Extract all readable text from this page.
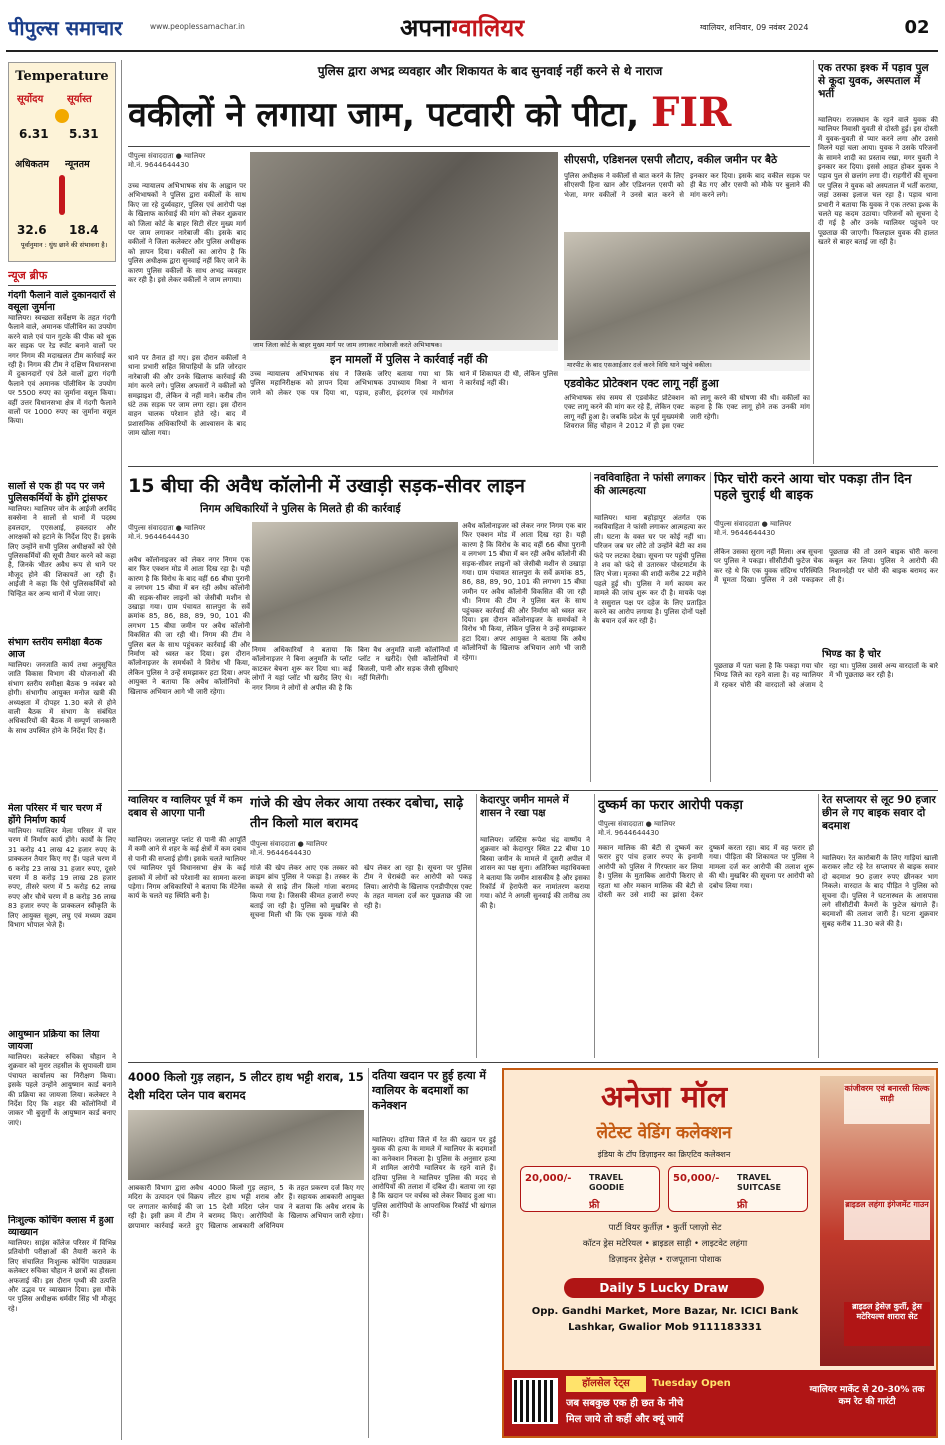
पीपुल्स समाचार	www.peoplessamachar.in	अपनाग्वालियर	ग्वालियर, शनिवार, 09 नवंबर 2024	02
Temperature
सूर्योदय	सूर्यास्त
6.31	5.31
अधिकतम	न्यूनतम
32.6	18.4
पूर्वानुमान : धुंध छाने की संभावना है।
न्यूज ब्रीफ
गंदगी फैलाने वाले दुकानदारों से वसूला जुर्माना
ग्वालियर। स्वच्छता सर्वेक्षण के तहत गंदगी फैलाने वाले, अमानक पॉलीथिन का उपयोग करने वाले एवं पान गुटके की पीक को थूक कर सड़क पर रेड स्पॉट बनाने वालों पर नगर निगम की मदाखलत टीम कार्रवाई कर रही है। निगम की टीम ने दक्षिण विधानसभा में दुकानदारों एवं ठेले वालों द्वारा गंदगी फैलाने एवं अमानक पॉलीथिन के उपयोग पर 5500 रुपए का जुर्माना वसूल किया। वहीं उत्तर विधानसभा क्षेत्र में गंदगी फैलाने वालों पर 1000 रुपए का जुर्माना वसूल किया।
सालों से एक ही पद पर जमे पुलिसकर्मियों के होंगे ट्रांसफर
ग्वालियर। ग्वालियर जोन के आईजी अरविंद सक्सेना ने सालों से थानों में पदस्थ हवलदार, एएसआई, हवलदार और आरक्षकों को हटाने के निर्देश दिए हैं। इसके लिए उन्होंने सभी पुलिस अधीक्षकों को ऐसे पुलिसकर्मियों की सूची तैयार करने को कहा है, जिनके भीतर अवैध रूप से थाने पर मौजूद होने की शिकायतें आ रही हैं। आईजी ने कहा कि ऐसे पुलिसकर्मियों को चिन्हित कर अन्य थानों में भेजा जाए।
संभाग स्तरीय समीक्षा बैठक आज
ग्वालियर। जनजाति कार्य तथा अनुसूचित जाति विकास विभाग की योजनाओं की संभाग स्तरीय समीक्षा बैठक 9 नवंबर को होगी। संभागीय आयुक्त मनोज खत्री की अध्यक्षता में दोपहर 1.30 बजे से होने वाली बैठक में संभाग के संबंधित अधिकारियों की बैठक में सम्पूर्ण जानकारी के साथ उपस्थित होने के निर्देश दिए हैं।
मेला परिसर में चार चरण में होंगे निर्माण कार्य
ग्वालियर। ग्वालियर मेला परिसर में चार चरण में निर्माण कार्य होंगे। कार्यों के लिए 31 करोड़ 41 लाख 42 हजार रुपए के प्राक्कलन तैयार किए गए हैं। पहले चरण में 6 करोड़ 23 लाख 31 हजार रुपए, दूसरे चरण में 8 करोड़ 19 लाख 28 हजार रुपए, तीसरे चरण में 5 करोड़ 62 लाख रुपए और चौथे चरण में 8 करोड़ 36 लाख 83 हजार रुपए के प्राक्कलन स्वीकृति के लिए आयुक्त सूक्ष्म, लघु एवं मध्यम उद्यम विभाग भोपाल भेजे हैं।
आयुष्मान प्रक्रिया का लिया जायजा
ग्वालियर। कलेक्टर रुचिका चौहान ने शुक्रवार को मुरार तहसील के सुपावली ग्राम पंचायत कार्यालय का निरीक्षण किया। इसके पहले उन्होंने आयुष्मान कार्ड बनाने की प्रक्रिया का जायजा लिया। कलेक्टर ने निर्देश दिए कि शहर की कॉलोनियों में जाकर भी बुजुर्गों के आयुष्मान कार्ड बनाए जाएं।
निःशुल्क कोचिंग क्लास में हुआ व्याख्यान
ग्वालियर। साइंस कॉलेज परिसर में विभिन्न प्रतियोगी परीक्षाओं की तैयारी कराने के लिए संचालित निःशुल्क कोचिंग पाठ्यक्रम कलेक्टर रुचिका चौहान ने छात्रों का हौसला अफजाई की। इस दौरान पृथ्वी की उत्पत्ति और उद्भव पर व्याख्यान दिया। इस मौके पर पुलिस अधीक्षक धर्मवीर सिंह भी मौजूद रहे।
पुलिस द्वारा अभद्र व्यवहार और शिकायत के बाद सुनवाई नहीं करने से थे नाराज
वकीलों ने लगाया जाम, पटवारी को पीटा, FIR
पीपुल्स संवाददाता ● ग्वालियर
मो.नं. 9644644430
जाम जिला कोर्ट के बाहर मुख्य मार्ग पर जाम लगाकर नारेबाजी करते अभिभाषक।
उच्च न्यायालय अभिभाषक संघ के आह्वान पर अभिभाषकों ने पुलिस द्वारा वकीलों के साथ किए जा रहे दुर्व्यवहार, पुलिस एवं आरोपी पक्ष के खिलाफ कार्रवाई की मांग को लेकर शुक्रवार को जिला कोर्ट के बाहर सिटी सेंटर मुख्य मार्ग पर जाम लगाकर नारेबाजी की। इसके बाद वकीलों ने जिला कलेक्टर और पुलिस अधीक्षक को ज्ञापन दिया। वकीलों का आरोप है कि पुलिस अधीक्षक द्वारा सुनवाई नहीं किए जाने के कारण पुलिस वकीलों के साथ अभद्र व्यवहार कर रही है। इसे लेकर वकीलों ने जाम लगाया।
थाने पर तैनात हो गए। इस दौरान वकीलों ने थाना प्रभारी सहित सिपाहियों के प्रति जोरदार नारेबाजी की और उनके खिलाफ कार्रवाई की मांग करने लगे। पुलिस अफसरों ने वकीलों को समझाइश दी, लेकिन वे नहीं माने। करीब तीन घंटे तक सड़क पर जाम लगा रहा। इस दौरान वाहन चालक परेशान होते रहे। बाद में प्रशासनिक अधिकारियों के आश्वासन के बाद जाम खोला गया।
इन मामलों में पुलिस ने कार्रवाई नहीं की
उच्च न्यायालय अभिभाषक संघ ने पुलिस महानिरीक्षक को ज्ञापन दिया जाने को लेकर एक पत्र दिया था, जिसके जरिए बताया गया था कि अभिभाषक उपाध्याय मिश्रा ने थाना पड़ाव, हजीरा, इंदरगंज एवं माधौगंज थाने में शिकायत दी थी, लेकिन पुलिस ने कार्रवाई नहीं की।
सीएसपी, एडिशनल एसपी लौटाए, वकील जमीन पर बैठे
पुलिस अधीक्षक ने वकीलों से बात करने के लिए सीएसपी हिना खान और एडिशनल एसपी को भेजा, मगर वकीलों ने उनसे बात करने से इनकार कर दिया। इसके बाद वकील सड़क पर ही बैठ गए और एसपी को मौके पर बुलाने की मांग करने लगे।
मारपीट के बाद एसआईआर दर्ज करने विधि थाने पहुंचे वकील।
एडवोकेट प्रोटेक्शन एक्ट लागू नहीं हुआ
अभिभाषक संघ समय से एडवोकेट प्रोटेक्शन एक्ट लागू करने की मांग कर रहे हैं, लेकिन एक्ट लागू नहीं हुआ है। जबकि प्रदेश के पूर्व मुख्यमंत्री शिवराज सिंह चौहान ने 2012 में ही इस एक्ट को लागू करने की घोषणा की थी। वकीलों का कहना है कि एक्ट लागू होने तक उनकी मांग जारी रहेगी।
एक तरफा इश्क में पड़ाव पुल से कूदा युवक, अस्पताल में भर्ती
ग्वालियर। राजस्थान के रहने वाले युवक की ग्वालियर निवासी युवती से दोस्ती हुई। इस दोस्ती में युवक-युवती से प्यार करने लगा और उससे मिलने यहां चला आया। युवक ने उसके परिजनों के सामने शादी का प्रस्ताव रखा, मगर युवती ने इनकार कर दिया। इससे आहत होकर युवक ने पड़ाव पुल से छलांग लगा दी। राहगीरों की सूचना पर पुलिस ने युवक को अस्पताल में भर्ती कराया, जहां उसका इलाज चल रहा है। पड़ाव थाना प्रभारी ने बताया कि युवक ने एक तरफा इश्क के चलते यह कदम उठाया। परिजनों को सूचना दे दी गई है और उनके ग्वालियर पहुंचने पर पूछताछ की जाएगी। फिलहाल युवक की हालत खतरे से बाहर बताई जा रही है।
15 बीघा की अवैध कॉलोनी में उखाड़ी सड़क-सीवर लाइन
निगम अधिकारियों ने पुलिस के मिलते ही की कार्रवाई
पीपुल्स संवाददाता ● ग्वालियर
मो.नं. 9644644430
अवैध कॉलोनाइजर को लेकर नगर निगम एक बार फिर एक्शन मोड में आता दिख रहा है। यही कारण है कि विरोध के बाद वहीं 66 बीघा पुरानी व लगभग 15 बीघा में बन रही अवैध कॉलोनी की सड़क-सीवर लाइनों को जेसीबी मशीन से उखाड़ा गया। ग्राम पंचायत सालपुरा के सर्वे क्रमांक 85, 86, 88, 89, 90, 101 की लगभग 15 बीघा जमीन पर अवैध कॉलोनी विकसित की जा रही थी। निगम की टीम ने पुलिस बल के साथ पहुंचकर कार्रवाई की और निर्माण को ध्वस्त कर दिया। इस दौरान कॉलोनाइजर के समर्थकों ने विरोध भी किया, लेकिन पुलिस ने उन्हें समझाकर हटा दिया। अपर आयुक्त ने बताया कि अवैध कॉलोनियों के खिलाफ अभियान आगे भी जारी रहेगा।
निगम अधिकारियों ने बताया कि कॉलोनाइजर ने बिना अनुमति के प्लॉट काटकर बेचना शुरू कर दिया था। कई लोगों ने यहां प्लॉट भी खरीद लिए थे। नगर निगम ने लोगों से अपील की है कि बिना वैध अनुमति वाली कॉलोनियों में प्लॉट न खरीदें। ऐसी कॉलोनियों में बिजली, पानी और सड़क जैसी सुविधाएं नहीं मिलेंगी।
अवैध कॉलोनाइजर को लेकर नगर निगम एक बार फिर एक्शन मोड में आता दिख रहा है। यही कारण है कि विरोध के बाद वहीं 66 बीघा पुरानी व लगभग 15 बीघा में बन रही अवैध कॉलोनी की सड़क-सीवर लाइनों को जेसीबी मशीन से उखाड़ा गया। ग्राम पंचायत सालपुरा के सर्वे क्रमांक 85, 86, 88, 89, 90, 101 की लगभग 15 बीघा जमीन पर अवैध कॉलोनी विकसित की जा रही थी। निगम की टीम ने पुलिस बल के साथ पहुंचकर कार्रवाई की और निर्माण को ध्वस्त कर दिया। इस दौरान कॉलोनाइजर के समर्थकों ने विरोध भी किया, लेकिन पुलिस ने उन्हें समझाकर हटा दिया। अपर आयुक्त ने बताया कि अवैध कॉलोनियों के खिलाफ अभियान आगे भी जारी रहेगा।
नवविवाहिता ने फांसी लगाकर की आत्महत्या
ग्वालियर। थाना बहोड़ापुर अंतर्गत एक नवविवाहिता ने फांसी लगाकर आत्महत्या कर ली। घटना के वक्त घर पर कोई नहीं था। परिजन जब घर लौटे तो उन्होंने बेटी का शव फंदे पर लटका देखा। सूचना पर पहुंची पुलिस ने शव को फंदे से उतारकर पोस्टमार्टम के लिए भेजा। मृतका की शादी करीब 22 महीने पहले हुई थी। पुलिस ने मर्ग कायम कर मामले की जांच शुरू कर दी है। मायके पक्ष ने ससुराल पक्ष पर दहेज के लिए प्रताड़ित करने का आरोप लगाया है। पुलिस दोनों पक्षों के बयान दर्ज कर रही है।
फिर चोरी करने आया चोर पकड़ा तीन दिन पहले चुराई थी बाइक
पीपुल्स संवाददाता ● ग्वालियर
मो.नं. 9644644430
लेकिन उसका सुराग नहीं मिला। अब सूचना पर पुलिस ने पकड़ा। सीसीटीवी फुटेज चेक कर रहे थे कि एक युवक संदिग्ध परिस्थिति में घूमता दिखा। पुलिस ने उसे पकड़कर पूछताछ की तो उसने बाइक चोरी करना कबूल कर लिया। पुलिस ने आरोपी की निशानदेही पर चोरी की बाइक बरामद कर ली है।
भिण्ड का है चोर
पूछताछ में पता चला है कि पकड़ा गया चोर भिण्ड जिले का रहने वाला है। वह ग्वालियर में रहकर चोरी की वारदातों को अंजाम दे रहा था। पुलिस उससे अन्य वारदातों के बारे में भी पूछताछ कर रही है।
ग्वालियर व ग्वालियर पूर्व में कम दबाव से आएगा पानी
ग्वालियर। जलालपुर प्लांट से पानी की आपूर्ति में कमी आने से शहर के कई क्षेत्रों में कम दबाव से पानी की सप्लाई होगी। इसके चलते ग्वालियर एवं ग्वालियर पूर्व विधानसभा क्षेत्र के कई इलाकों में लोगों को परेशानी का सामना करना पड़ेगा। निगम अधिकारियों ने बताया कि मेंटेनेंस कार्य के चलते यह स्थिति बनी है।
गांजे की खेप लेकर आया तस्कर दबोचा, साढ़े तीन किलो माल बरामद
पीपुल्स संवाददाता ● ग्वालियर
मो.नं. 9644644430
गांजे की खेप लेकर आए एक तस्कर को क्राइम ब्रांच पुलिस ने पकड़ा है। तस्कर के कब्जे से साढ़े तीन किलो गांजा बरामद किया गया है। जिसकी कीमत हजारों रुपए बताई जा रही है। पुलिस को मुखबिर से सूचना मिली थी कि एक युवक गांजे की खेप लेकर आ रहा है। सूचना पर पुलिस टीम ने घेराबंदी कर आरोपी को पकड़ लिया। आरोपी के खिलाफ एनडीपीएस एक्ट के तहत मामला दर्ज कर पूछताछ की जा रही है।
केदारपुर जमीन मामले में शासन ने रखा पक्ष
ग्वालियर। जस्टिस रूपेश चंद्र वार्ष्णेय ने शुक्रवार को केदारपुर स्थित 22 बीघा 10 बिस्वा जमीन के मामले में दूसरी अपील में शासन का पक्ष सुना। अतिरिक्त महाधिवक्ता ने बताया कि जमीन शासकीय है और इसका रिकॉर्ड में हेराफेरी कर नामांतरण कराया गया। कोर्ट ने अगली सुनवाई की तारीख तय की है।
दुष्कर्म का फरार आरोपी पकड़ा
पीपुल्स संवाददाता ● ग्वालियर
मो.नं. 9644644430
मकान मालिक की बेटी से दुष्कर्म कर फरार हुए पांच हजार रुपए के इनामी आरोपी को पुलिस ने गिरफ्तार कर लिया है। पुलिस के मुताबिक आरोपी किराए से रहता था और मकान मालिक की बेटी से दोस्ती कर उसे शादी का झांसा देकर दुष्कर्म करता रहा। बाद में वह फरार हो गया। पीड़िता की शिकायत पर पुलिस ने मामला दर्ज कर आरोपी की तलाश शुरू की थी। मुखबिर की सूचना पर आरोपी को दबोच लिया गया।
रेत सप्लायर से लूट 90 हजार छीन ले गए बाइक सवार दो बदमाश
ग्वालियर। रेत कारोबारी के लिए गाड़ियां खाली कराकर लौट रहे रेत सप्लायर से बाइक सवार दो बदमाश 90 हजार रुपए छीनकर भाग निकले। वारदात के बाद पीड़ित ने पुलिस को सूचना दी। पुलिस ने घटनास्थल के आसपास लगे सीसीटीवी कैमरों के फुटेज खंगाले हैं। बदमाशों की तलाश जारी है। घटना शुक्रवार सुबह करीब 11.30 बजे की है।
4000 किलो गुड़ लहान, 5 लीटर हाथ भट्टी शराब, 15 देशी मदिरा प्लेन पाव बरामद
आबकारी विभाग द्वारा अवैध मदिरा के उत्पादन एवं विक्रय पर लगातार कार्रवाई की जा रही है। इसी क्रम में टीम ने छापामार कार्रवाई करते हुए 4000 किलो गुड़ लहान, 5 लीटर हाथ भट्टी शराब और 15 देशी मदिरा प्लेन पाव बरामद किए। आरोपियों के खिलाफ आबकारी अधिनियम के तहत प्रकरण दर्ज किए गए हैं। सहायक आबकारी आयुक्त ने बताया कि अवैध शराब के खिलाफ अभियान जारी रहेगा।
दतिया खदान पर हुई हत्या में ग्वालियर के बदमाशों का कनेक्शन
ग्वालियर। दतिया जिले में रेत की खदान पर हुई युवक की हत्या के मामले में ग्वालियर के बदमाशों का कनेक्शन निकला है। पुलिस के अनुसार हत्या में शामिल आरोपी ग्वालियर के रहने वाले हैं। दतिया पुलिस ने ग्वालियर पुलिस की मदद से आरोपियों की तलाश में दबिश दी। बताया जा रहा है कि खदान पर वर्चस्व को लेकर विवाद हुआ था। पुलिस आरोपियों के आपराधिक रिकॉर्ड भी खंगाल रही है।
अनेजा मॉल
लेटेस्ट वेडिंग कलेक्शन
इंडिया के टॉप डिज़ाइनर का क्रिएटिव कलेक्शन
20,000/-	TRAVEL GOODIE
फ्री
50,000/-	TRAVEL SUITCASE
फ्री
पार्टी वियर कुर्तीज़ • कुर्ती प्लाज़ो सेट
कॉटन ड्रेस मटेरियल • ब्राइडल साड़ी • लाइटवेट लहंगा
डिज़ाइनर ड्रेसेज़ • राजपूताना पोशाक
Daily 5 Lucky Draw
Opp. Gandhi Market, More Bazar, Nr. ICICI Bank Lashkar, Gwalior Mob 9111183331
कांजीवरम एवं बनारसी सिल्क साड़ी
ब्राइडल लहंगा इंगेजमेंट गाउन
ब्राइडल ड्रेसेज़ कुर्ती, ड्रेस मटेरियल्स शारारा सेट
हॉलसेल रेट्स	Tuesday Open
जब सबकुछ एक ही छत के नीचे
मिल जाये तो कहीं और क्यूं जायें
ग्वालियर मार्केट से 20-30% तक कम रेट की गारंटी
